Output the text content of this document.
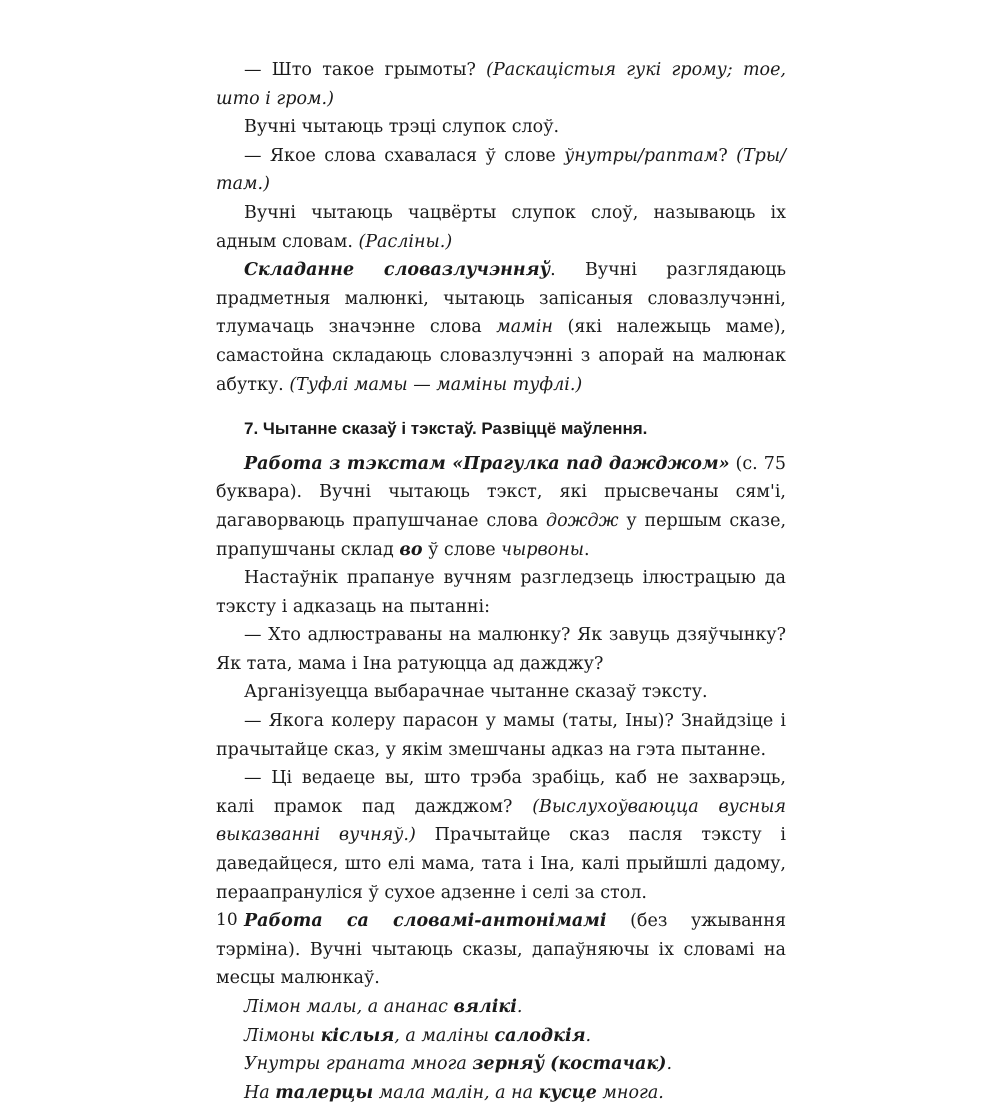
— Што такое грымоты? (Раскацістыя гукі грому; тое, што і гром.)

Вучні чытаюць трэці слупок слоў.

— Якое слова схавалася ў слове ўнутры/раптам? (Тры/там.)

Вучні чытаюць чацвёрты слупок слоў, называюць іх адным словам. (Расліны.)

Складанне словазлучэнняў. Вучні разглядаюць прадметныя малюнкі, чытаюць запісаныя словазлучэнні, тлумачаць значэнне слова мамін (які належыць маме), самастойна складаюць словазлучэнні з апорай на малюнак абутку. (Туфлі мамы — маміны туфлі.)

7. Чытанне сказаў і тэкстаў. Развіццё маўлення.

Работа з тэкстам «Прагулка пад дажджом» (с. 75 буквара). Вучні чытаюць тэкст, які прысвечаны сям'і, дагаворваюць прапушчанае слова дождж у першым сказе, прапушчаны склад во ў слове чырвоны.

Настаўнік прапануе вучням разгледзець ілюстрацыю да тэксту і адказаць на пытанні:

— Хто адлюстраваны на малюнку? Як завуць дзяўчынку? Як тата, мама і Іна ратуюцца ад дажджу?

Арганізуецца выбарачнае чытанне сказаў тэксту.

— Якога колеру парасон у мамы (таты, Іны)? Знайдзіце і прачытайце сказ, у якім змешчаны адказ на гэта пытанне.

— Ці ведаеце вы, што трэба зрабіць, каб не захварэць, калі прамок пад дажджом? (Выслухоўваюцца вусныя выказванні вучняў.) Прачытайце сказ пасля тэксту і даведайцеся, што елі мама, тата і Іна, калі прыйшлі дадому, пераапрануліся ў сухое адзенне і селі за стол.

Работа са словамі-антонімамі (без ужывання тэрміна). Вучні чытаюць сказы, дапаўняючы іх словамі на месцы малюнкаў.

Лімон малы, а ананас вялікі.

Лімоны кіслыя, а маліны салодкія.

Унутры граната многа зерняў (костачак).

На талерцы мала малін, а на кусце многа.

10
